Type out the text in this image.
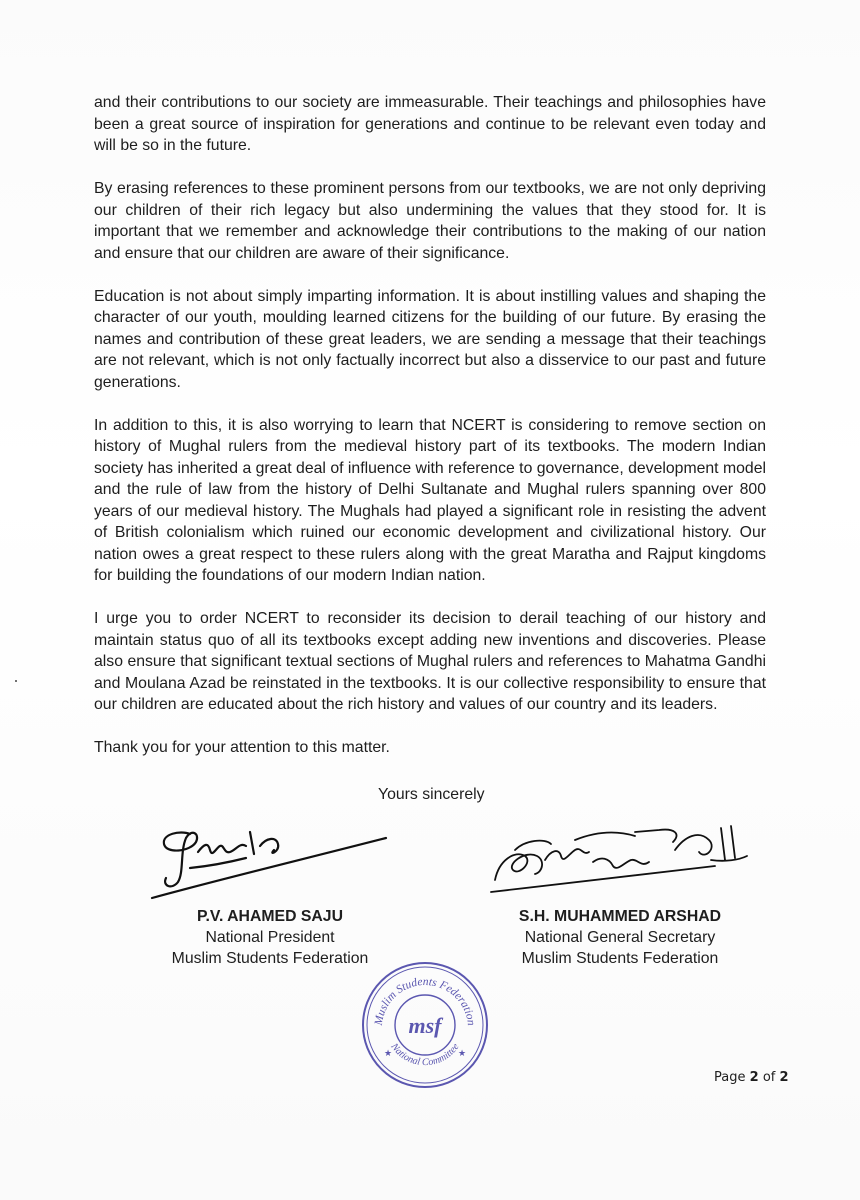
and their contributions to our society are immeasurable. Their teachings and philosophies have been a great source of inspiration for generations and continue to be relevant even today and will be so in the future.

By erasing references to these prominent persons from our textbooks, we are not only depriving our children of their rich legacy but also undermining the values that they stood for. It is important that we remember and acknowledge their contributions to the making of our nation and ensure that our children are aware of their significance.

Education is not about simply imparting information. It is about instilling values and shaping the character of our youth, moulding learned citizens for the building of our future. By erasing the names and contribution of these great leaders, we are sending a message that their teachings are not relevant, which is not only factually incorrect but also a disservice to our past and future generations.

In addition to this, it is also worrying to learn that NCERT is considering to remove section on history of Mughal rulers from the medieval history part of its textbooks. The modern Indian society has inherited a great deal of influence with reference to governance, development model and the rule of law from the history of Delhi Sultanate and Mughal rulers spanning over 800 years of our medieval history. The Mughals had played a significant role in resisting the advent of British colonialism which ruined our economic development and civilizational history. Our nation owes a great respect to these rulers along with the great Maratha and Rajput kingdoms for building the foundations of our modern Indian nation.

I urge you to order NCERT to reconsider its decision to derail teaching of our history and maintain status quo of all its textbooks except adding new inventions and discoveries. Please also ensure that significant textual sections of Mughal rulers and references to Mahatma Gandhi and Moulana Azad be reinstated in the textbooks. It is our collective responsibility to ensure that our children are educated about the rich history and values of our country and its leaders.

Thank you for your attention to this matter.

Yours sincerely
P.V. AHAMED SAJU
National President
Muslim Students Federation
S.H. MUHAMMED ARSHAD
National General Secretary
Muslim Students Federation
Muslim Students Federation
National Committee
msf
★	★
Page 2 of 2
